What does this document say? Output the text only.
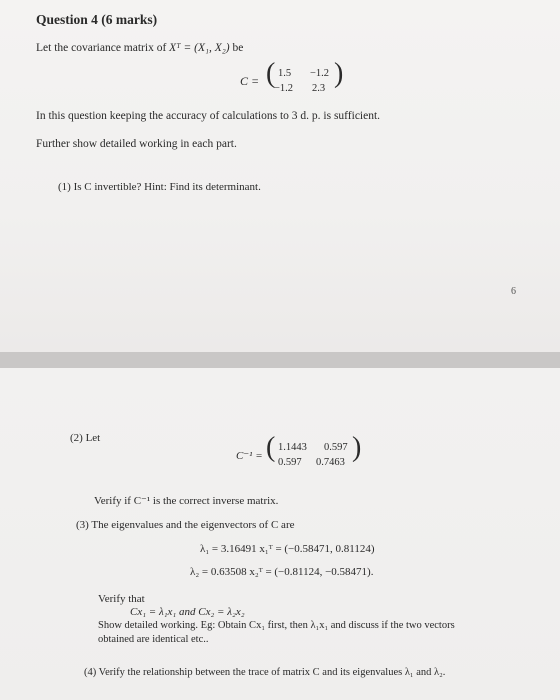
Question 4 (6 marks)
Let the covariance matrix of Xᵀ = (X₁, X₂) be
C = ( 1.5 −1.2
−1.2 2.3 )
In this question keeping the accuracy of calculations to 3 d. p. is sufficient.
Further show detailed working in each part.
(1) Is C invertible? Hint: Find its determinant.
6
(2) Let
C⁻¹ = ( 1.1443 0.597
0.597 0.7463 )
Verify if C⁻¹ is the correct inverse matrix.
(3) The eigenvalues and the eigenvectors of C are
λ₁ = 3.16491 x₁ᵀ = (−0.58471, 0.81124)
λ₂ = 0.63508 x₂ᵀ = (−0.81124, −0.58471).
Verify that
Cx₁ = λ₁x₁ and Cx₂ = λ₂x₂
Show detailed working. Eg: Obtain Cx₁ first, then λ₁x₁ and discuss if the two vectors
obtained are identical etc..
(4) Verify the relationship between the trace of matrix C and its eigenvalues λ₁ and λ₂.
